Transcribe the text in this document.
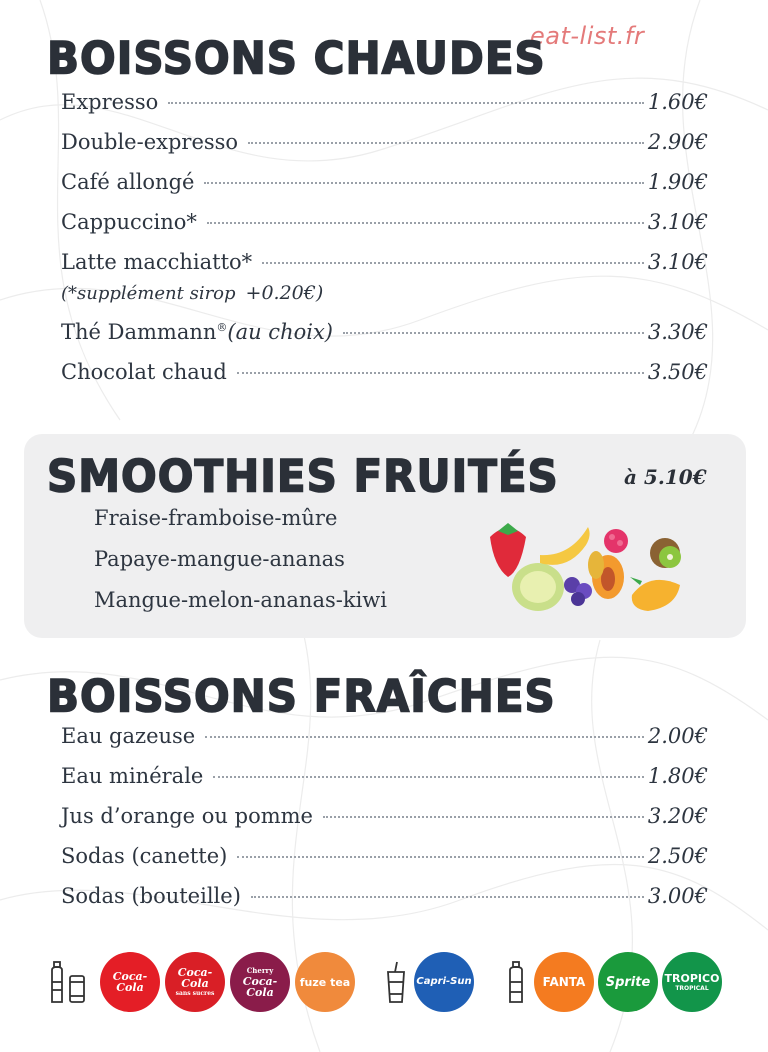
eat-list.fr
BOISSONS CHAUDES
Expresso	1.60€
Double-expresso	2.90€
Café allongé	1.90€
Cappuccino*	3.10€
Latte macchiatto*	3.10€
(*supplément sirop +0.20€)
Thé Dammann®(au choix)	3.30€
Chocolat chaud	3.50€
SMOOTHIES FRUITÉS	à 5.10€
Fraise-framboise-mûre
Papaye-mangue-ananas
Mangue-melon-ananas-kiwi
BOISSONS FRAÎCHES
Eau gazeuse	2.00€
Eau minérale	1.80€
Jus d’orange ou pomme	3.20€
Sodas (canette)	2.50€
Sodas (bouteille)	3.00€
Coca-Cola
Coca-Cola
sans sucres
Cherry
Coca-Cola
fuze tea	Capri-Sun	FANTA Sprite TROPICO
TROPICAL
